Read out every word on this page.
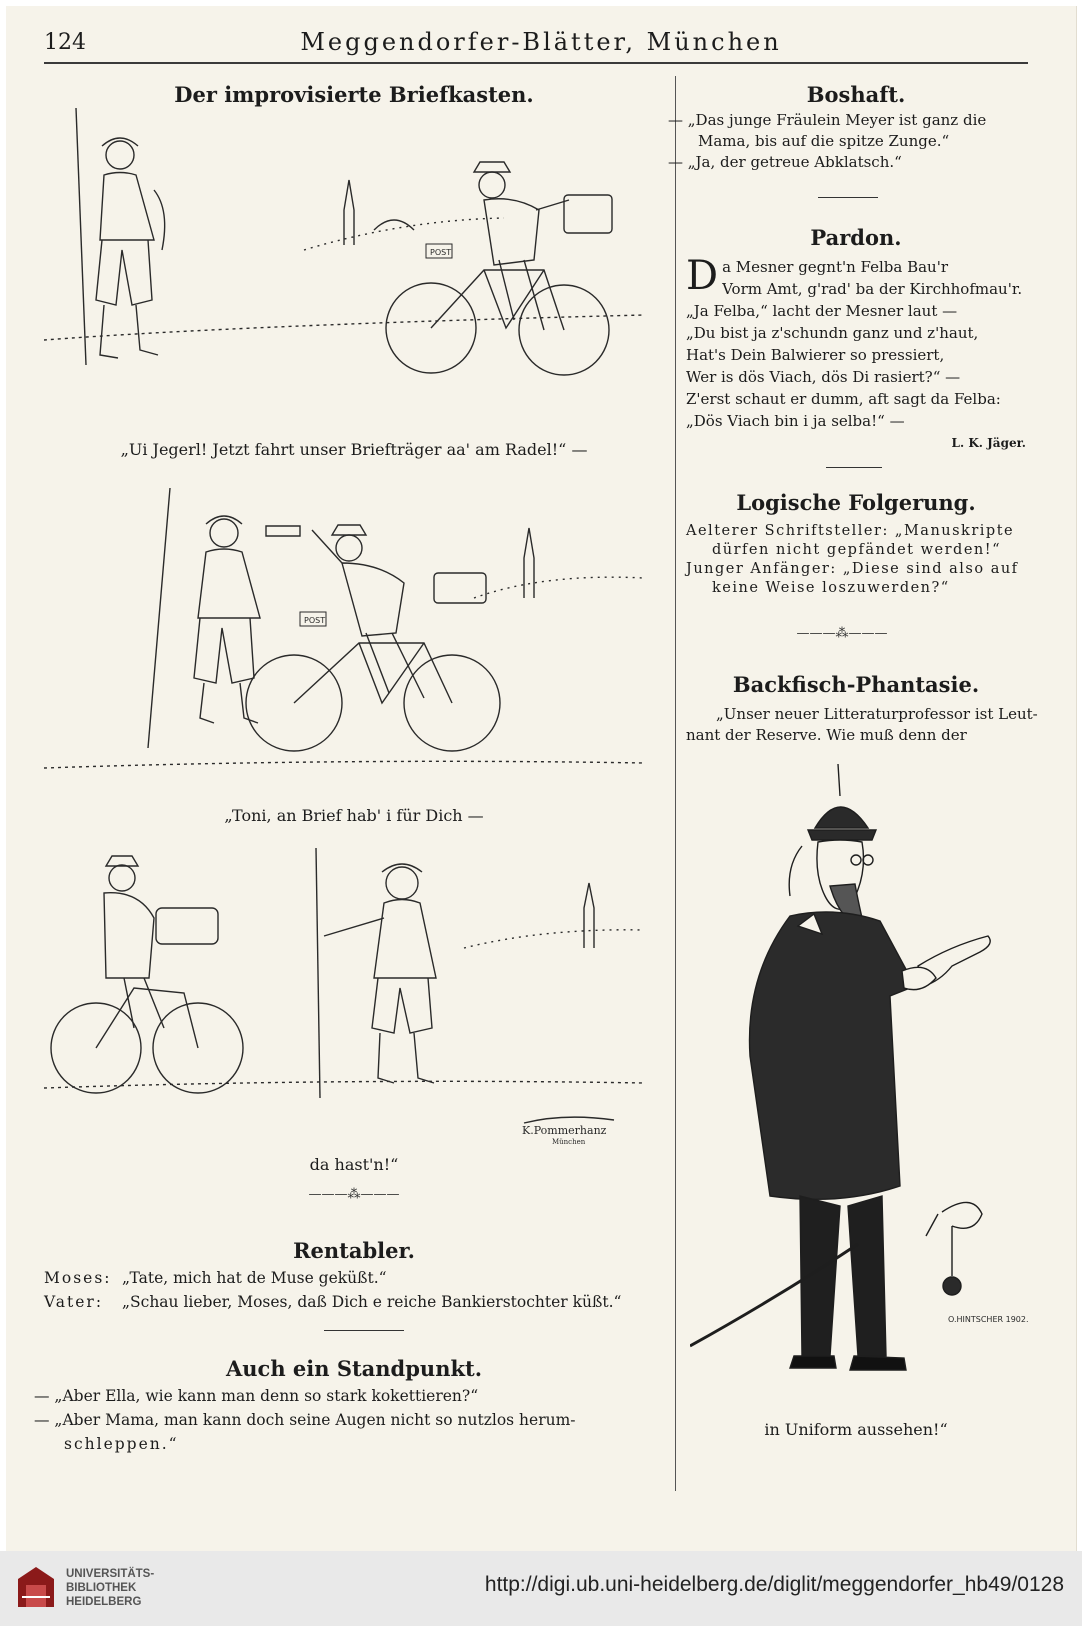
124	Meggendorfer-Blätter, München
Der improvisierte Briefkasten.
POST
„Ui Jegerl! Jetzt fahrt unser Briefträger aa' am Radel!“ —
POST
„Toni, an Brief hab' i für Dich —
K.Pommerhanz
München
da hast'n!“
———⁂———
Rentabler.
Moses: „Tate, mich hat de Muse geküßt.“
Vater: „Schau lieber, Moses, daß Dich e reiche Bankierstochter küßt.“
Auch ein Standpunkt.
— „Aber Ella, wie kann man denn so stark kokettieren?“
— „Aber Mama, man kann doch seine Augen nicht so nutzlos herum-
schleppen.“
Boshaft.
— „Das junge Fräulein Meyer ist ganz die
Mama, bis auf die spitze Zunge.“
— „Ja, der getreue Abklatsch.“
Pardon.
D a Mesner gegnt'n Felba Bau'r
Vorm Amt, g'rad' ba der Kirchhofmau'r.
„Ja Felba,“ lacht der Mesner laut —
„Du bist ja z'schundn ganz und z'haut,
Hat's Dein Balwierer so pressiert,
Wer is dös Viach, dös Di rasiert?“ —
Z'erst schaut er dumm, aft sagt da Felba:
„Dös Viach bin i ja selba!“ —
L. K. Jäger.
Logische Folgerung.
Aelterer Schriftsteller: „Manuskripte
dürfen nicht gepfändet werden!“
Junger Anfänger: „Diese sind also auf
keine Weise loszuwerden?“
———⁂———
Backfisch-Phantasie.
„Unser neuer Litteraturprofessor ist Leut-
nant der Reserve. Wie muß denn der
O.HINTSCHER 1902.
in Uniform aussehen!“
UNIVERSITÄTS-
BIBLIOTHEK
HEIDELBERG
http://digi.ub.uni-heidelberg.de/diglit/meggendorfer_hb49/0128
